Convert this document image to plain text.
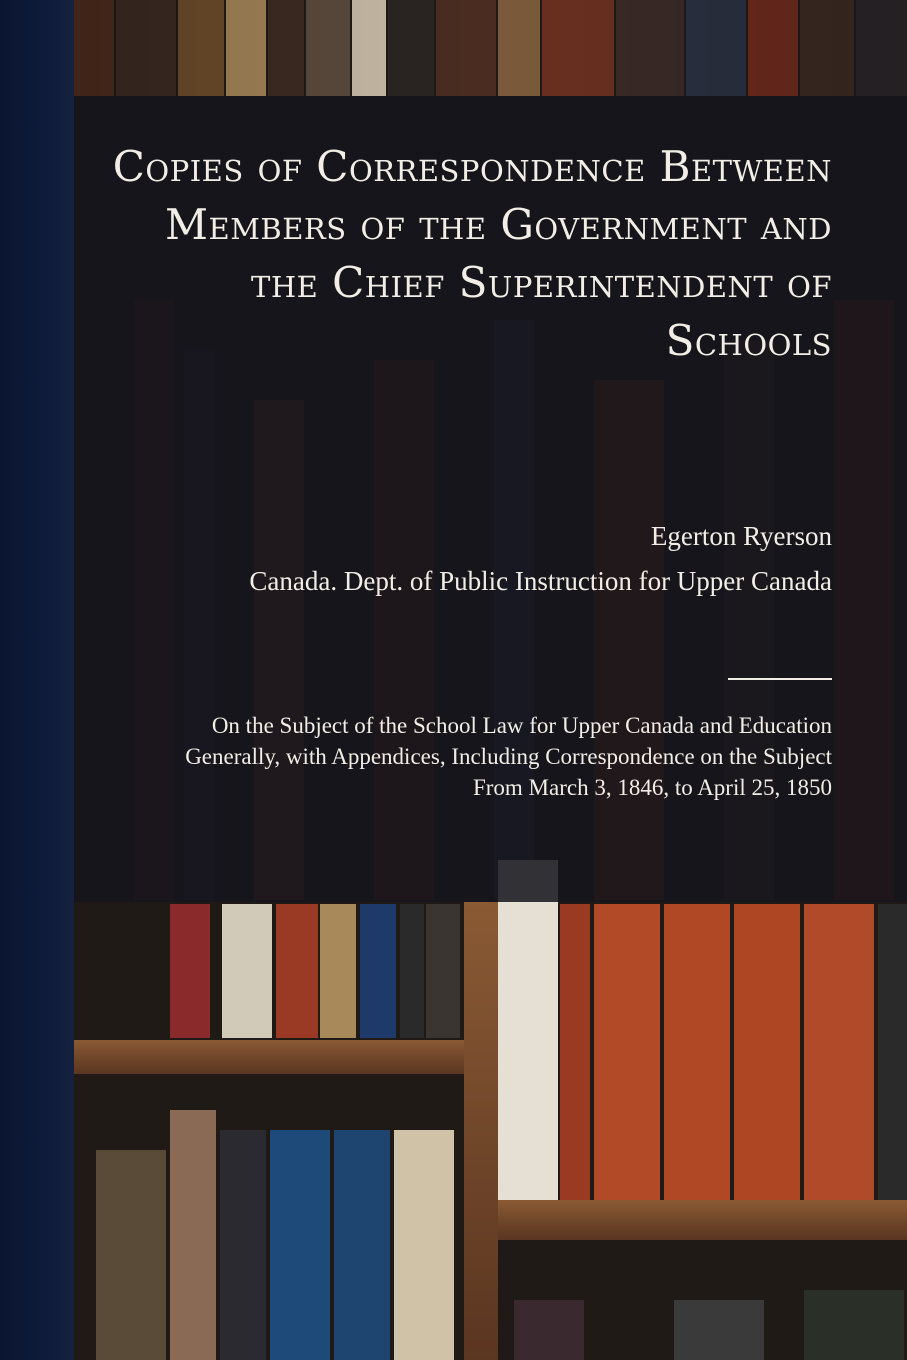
Copies of Correspondence Between Members of the Government and the Chief Superintendent of Schools
Egerton Ryerson
Canada. Dept. of Public Instruction for Upper Canada
On the Subject of the School Law for Upper Canada and Education Generally, with Appendices, Including Correspondence on the Subject From March 3, 1846, to April 25, 1850
